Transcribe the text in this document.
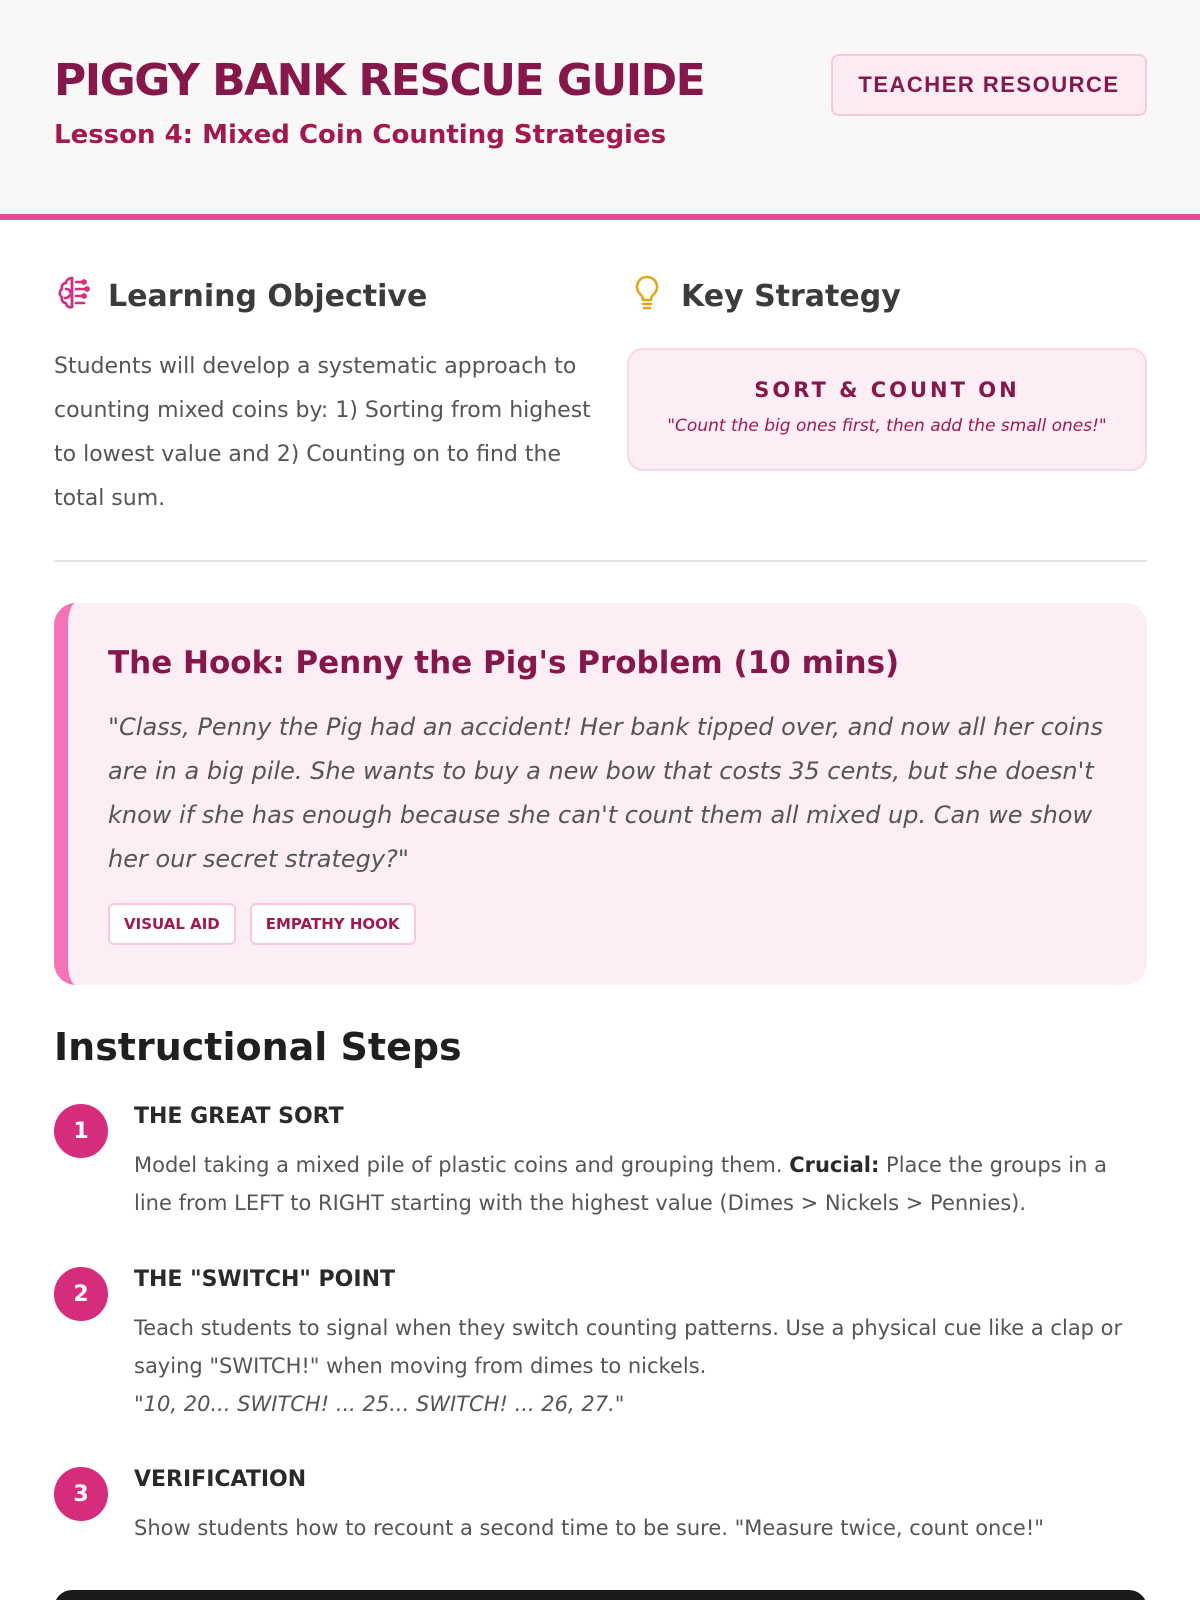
PIGGY BANK RESCUE GUIDE
Lesson 4: Mixed Coin Counting Strategies
TEACHER RESOURCE
Learning Objective
Students will develop a systematic approach to counting mixed coins by: 1) Sorting from highest to lowest value and 2) Counting on to find the total sum.
Key Strategy
SORT & COUNT ON
"Count the big ones first, then add the small ones!"
The Hook: Penny the Pig's Problem (10 mins)
"Class, Penny the Pig had an accident! Her bank tipped over, and now all her coins are in a big pile. She wants to buy a new bow that costs 35 cents, but she doesn't know if she has enough because she can't count them all mixed up. Can we show her our secret strategy?"
VISUAL AID	EMPATHY HOOK
Instructional Steps
1
THE GREAT SORT
Model taking a mixed pile of plastic coins and grouping them. Crucial: Place the groups in a line from LEFT to RIGHT starting with the highest value (Dimes > Nickels > Pennies).
2
THE "SWITCH" POINT
Teach students to signal when they switch counting patterns. Use a physical cue like a clap or saying "SWITCH!" when moving from dimes to nickels.
"10, 20... SWITCH! ... 25... SWITCH! ... 26, 27."
3
VERIFICATION
Show students how to recount a second time to be sure. "Measure twice, count once!"
